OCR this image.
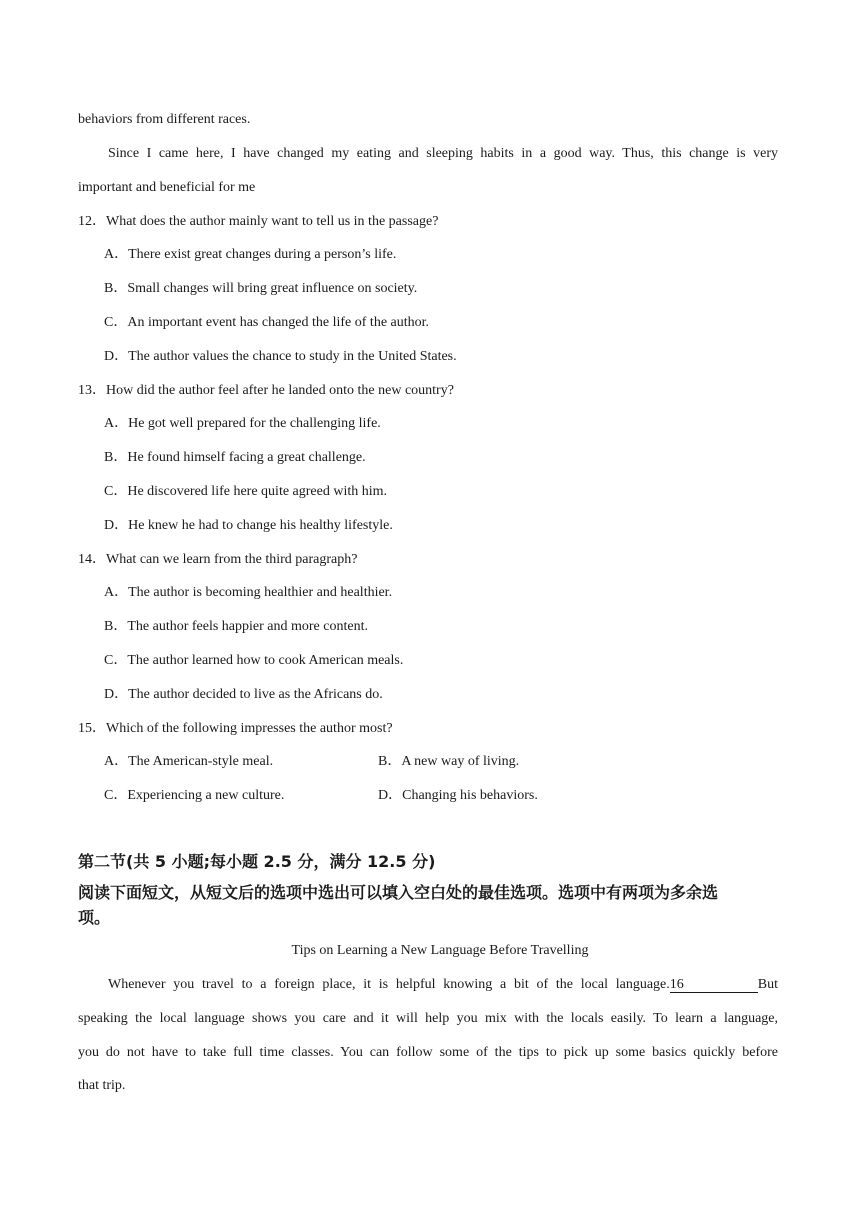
behaviors from different races.
Since I came here, I have changed my eating and sleeping habits in a good way. Thus, this change is very
important and beneficial for me
12．What does the author mainly want to tell us in the passage?
A．There exist great changes during a person’s life.
B．Small changes will bring great influence on society.
C．An important event has changed the life of the author.
D．The author values the chance to study in the United States.
13．How did the author feel after he landed onto the new country?
A．He got well prepared for the challenging life.
B．He found himself facing a great challenge.
C．He discovered life here quite agreed with him.
D．He knew he had to change his healthy lifestyle.
14．What can we learn from the third paragraph?
A．The author is becoming healthier and healthier.
B．The author feels happier and more content.
C．The author learned how to cook American meals.
D．The author decided to live as the Africans do.
15．Which of the following impresses the author most?
A．The American-style meal.	B．A new way of living.
C．Experiencing a new culture.	D．Changing his behaviors.
第二节(共 5 小题;每小题 2.5 分，满分 12.5 分)
阅读下面短文，从短文后的选项中选出可以填入空白处的最佳选项。选项中有两项为多余选
项。
Tips on Learning a New Language Before Travelling
Whenever you travel to a foreign place, it is helpful knowing a bit of the local language.16	But
speaking the local language shows you care and it will help you mix with the locals easily. To learn a language,
you do not have to take full time classes. You can follow some of the tips to pick up some basics quickly before
that trip.
